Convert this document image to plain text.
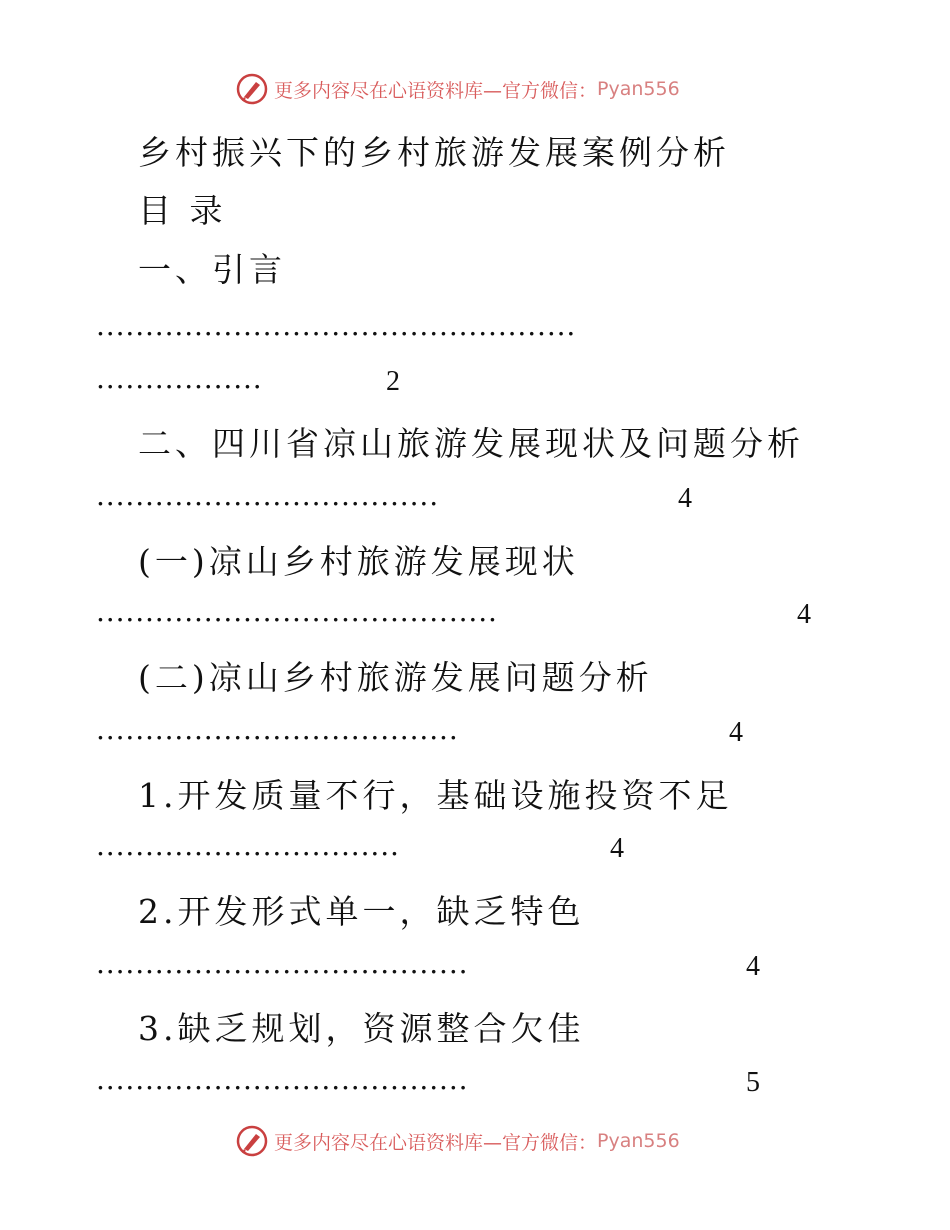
更多内容尽在心语资料库—官方微信： Pyan556
乡村振兴下的乡村旅游发展案例分析
目 录
一、引言
.................................................
.................	2
二、四川省凉山旅游发展现状及问题分析
...................................	4
(一)凉山乡村旅游发展现状
.........................................	4
(二)凉山乡村旅游发展问题分析
.....................................	4
1.开发质量不行，基础设施投资不足
...............................	4
2.开发形式单一，缺乏特色
......................................	4
3.缺乏规划，资源整合欠佳
......................................	5
更多内容尽在心语资料库—官方微信： Pyan556
